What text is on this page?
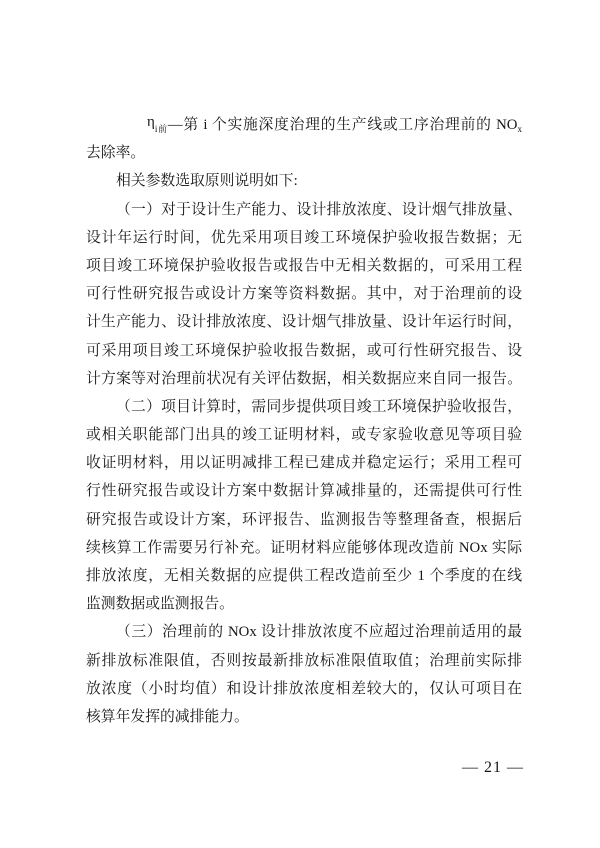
$\eta_{i前}—$第 i 个实施深度治理的生产线或工序治理前的 $NO_x$
去除率。
相关参数选取原则说明如下:
（一）对于设计生产能力、设计排放浓度、设计烟气排放量、
设计年运行时间，优先采用项目竣工环境保护验收报告数据；无
项目竣工环境保护验收报告或报告中无相关数据的，可采用工程
可行性研究报告或设计方案等资料数据。其中，对于治理前的设
计生产能力、设计排放浓度、设计烟气排放量、设计年运行时间，
可采用项目竣工环境保护验收报告数据，或可行性研究报告、设
计方案等对治理前状况有关评估数据，相关数据应来自同一报告。
（二）项目计算时，需同步提供项目竣工环境保护验收报告，
或相关职能部门出具的竣工证明材料，或专家验收意见等项目验
收证明材料，用以证明减排工程已建成并稳定运行；采用工程可
行性研究报告或设计方案中数据计算减排量的，还需提供可行性
研究报告或设计方案，环评报告、监测报告等整理备查，根据后
续核算工作需要另行补充。证明材料应能够体现改造前 NOx 实际
排放浓度，无相关数据的应提供工程改造前至少 1 个季度的在线
监测数据或监测报告。
（三）治理前的 NOx 设计排放浓度不应超过治理前适用的最
新排放标准限值，否则按最新排放标准限值取值；治理前实际排
放浓度（小时均值）和设计排放浓度相差较大的，仅认可项目在
核算年发挥的减排能力。
— 21 —
